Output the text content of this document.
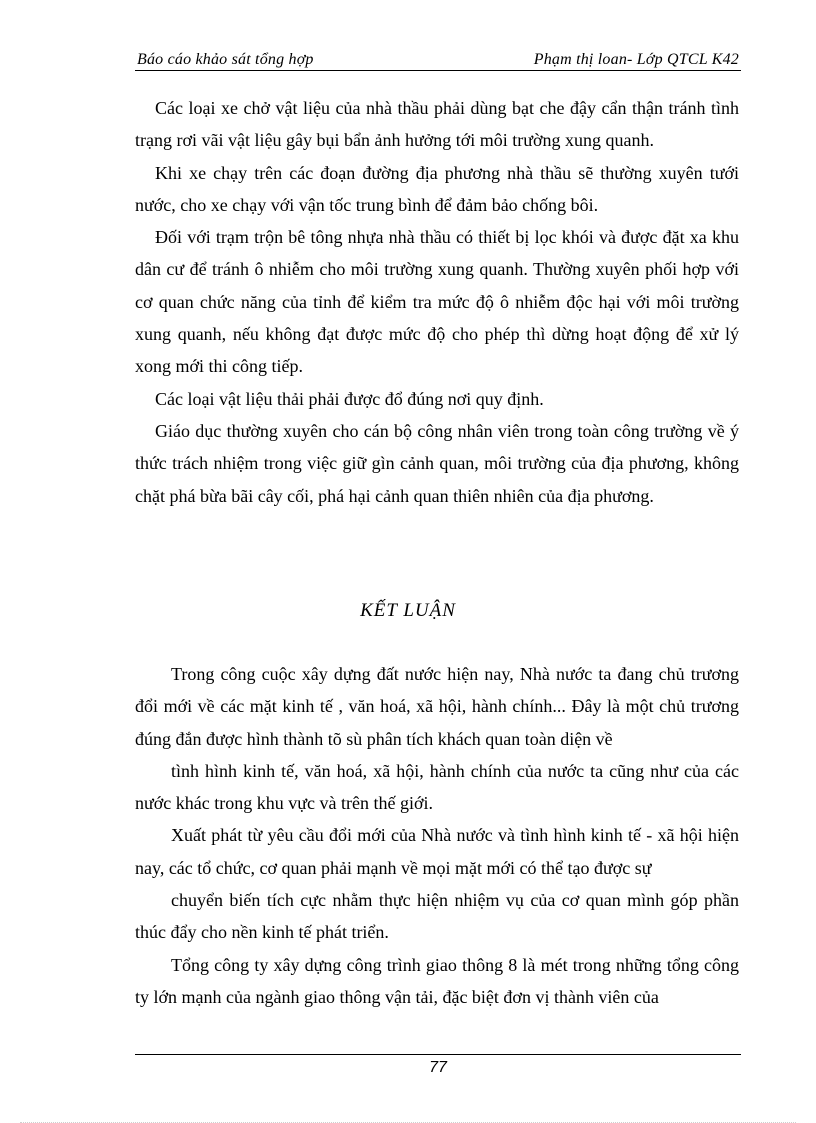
Báo cáo khảo sát tổng hợp	Phạm thị loan- Lớp QTCL K42

Các loại xe chở vật liệu của nhà thầu phải dùng bạt che đậy cẩn thận tránh tình trạng rơi vãi vật liệu gây bụi bẩn ảnh hưởng tới môi trường xung quanh.

Khi xe chạy trên các đoạn đường địa phương nhà thầu sẽ thường xuyên tưới nước, cho xe chạy với vận tốc trung bình để đảm bảo chống bôi.

Đối với trạm trộn bê tông nhựa nhà thầu có thiết bị lọc khói và được đặt xa khu dân cư để tránh ô nhiễm cho môi trường xung quanh. Thường xuyên phối hợp với cơ quan chức năng của tỉnh để kiểm tra mức độ ô nhiễm độc hại với môi trường xung quanh, nếu không đạt được mức độ cho phép thì dừng hoạt động để xử lý xong mới thi công tiếp.

Các loại vật liệu thải phải được đổ đúng nơi quy định.

Giáo dục thường xuyên cho cán bộ công nhân viên trong toàn công trường về ý thức trách nhiệm trong việc giữ gìn cảnh quan, môi trường của địa phương, không chặt phá bừa bãi cây cối, phá hại cảnh quan thiên nhiên của địa phương.

KẾT LUẬN

Trong công cuộc xây dựng đất nước hiện nay, Nhà nước ta đang chủ trương đổi mới về các mặt kinh tế , văn hoá, xã hội, hành chính... Đây là một chủ trương đúng đắn được hình thành tõ sù phân tích khách quan toàn diện về

tình hình kinh tế, văn hoá, xã hội, hành chính của nước ta cũng như của các nước khác trong khu vực và trên thế giới.

Xuất phát từ yêu cầu đổi mới của Nhà nước và tình hình kinh tế - xã hội hiện nay, các tổ chức, cơ quan phải mạnh về mọi mặt mới có thể tạo được sự

chuyển biến tích cực nhằm thực hiện nhiệm vụ của cơ quan mình góp phần thúc đẩy cho nền kinh tế phát triển.

Tổng công ty xây dựng công trình giao thông 8 là mét trong những tổng công ty lớn mạnh của ngành giao thông vận tải, đặc biệt đơn vị thành viên của

77
